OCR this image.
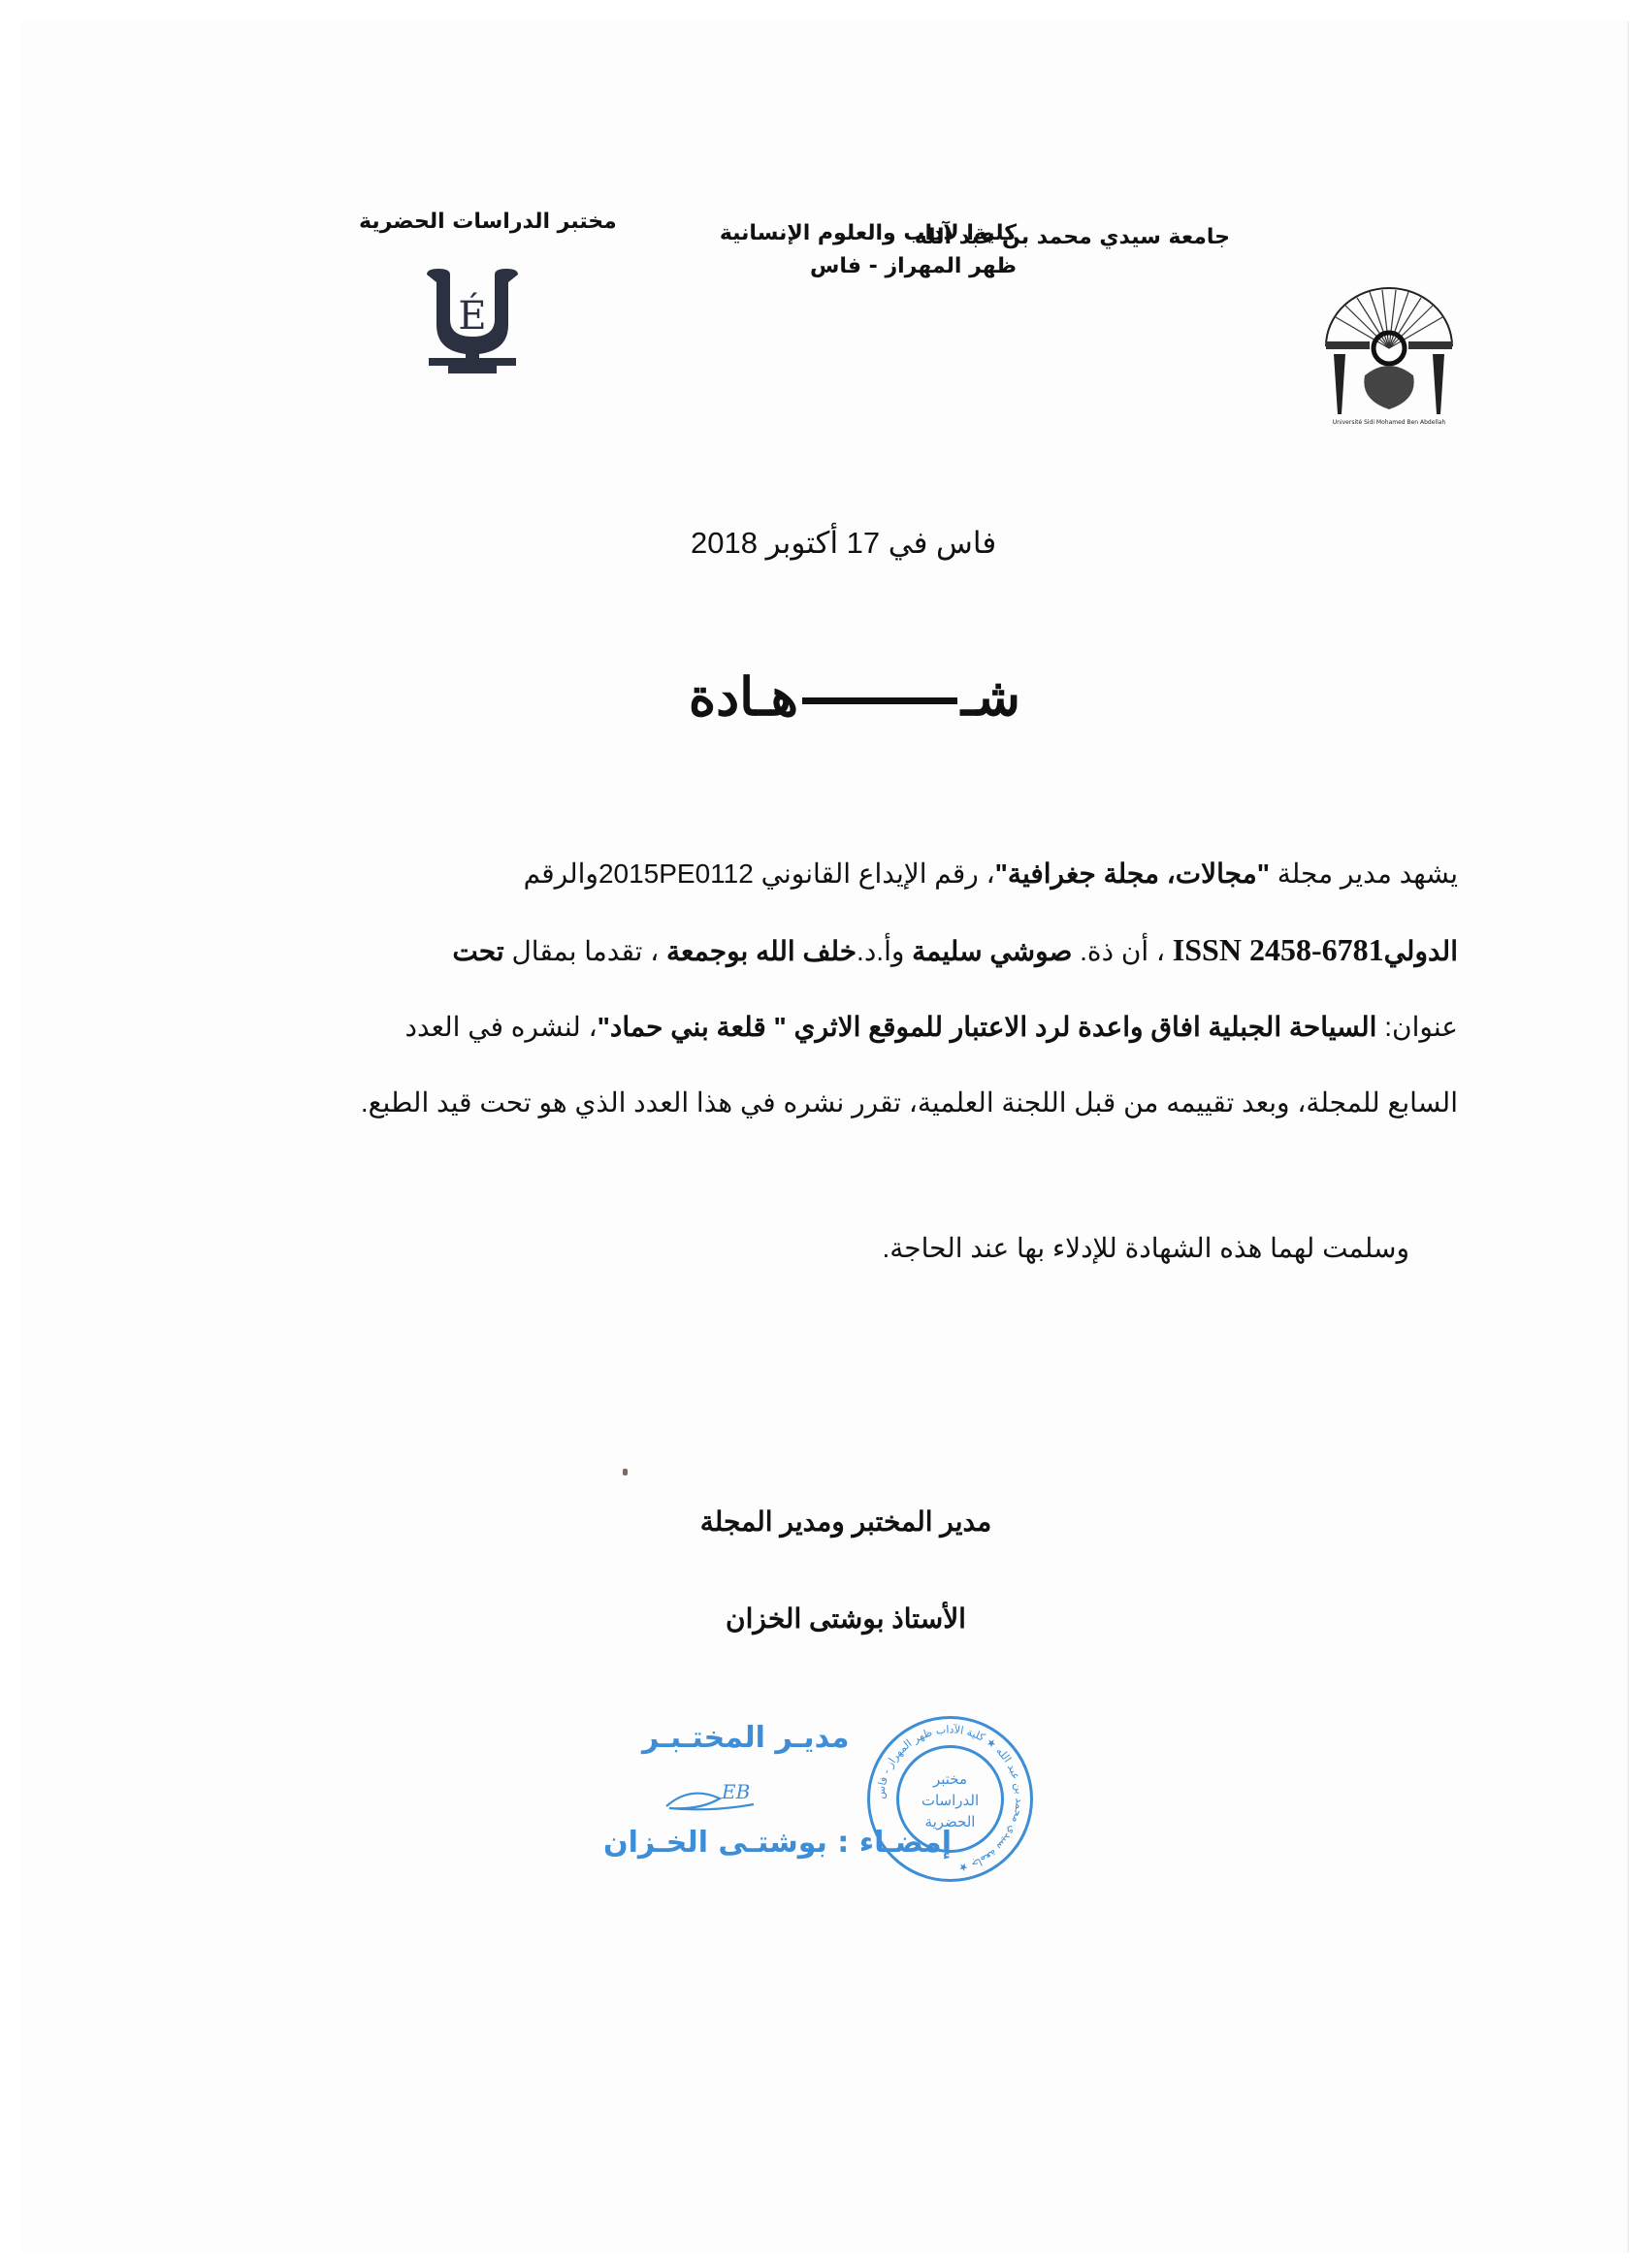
جامعة سيدي محمد بن عبد الله
كليةا لآداب والعلوم الإنسانية
ظهر المهراز - فاس
مختبر الدراسات الحضرية
Université Sidi Mohamed Ben Abdellah
É
فاس في 17 أكتوبر 2018
شـهـادة
يشهد مدير مجلة "مجالات، مجلة جغرافية"، رقم الإيداع القانوني 2015PE0112والرقم
الدوليISSN 2458-6781 ، أن ذة. صوشي سليمة وأ.د.خلف الله بوجمعة ، تقدما بمقال تحت
عنوان: السياحة الجبلية افاق واعدة لرد الاعتبار للموقع الاثري " قلعة بني حماد"، لنشره في العدد
السابع للمجلة، وبعد تقييمه من قبل اللجنة العلمية، تقرر نشره في هذا العدد الذي هو تحت قيد الطبع.
وسلمت لهما هذه الشهادة للإدلاء بها عند الحاجة.
مدير المختبر ومدير المجلة
الأستاذ بوشتى الخزان
مديـر المختـبـر
EB
إمضـاء : بوشتـى الخـزان
جامعة سيدي محمد بن عبد الله ★ كلية الآداب ظهر المهراز - فاس ★
مختبر
الدراسات
الحضرية
